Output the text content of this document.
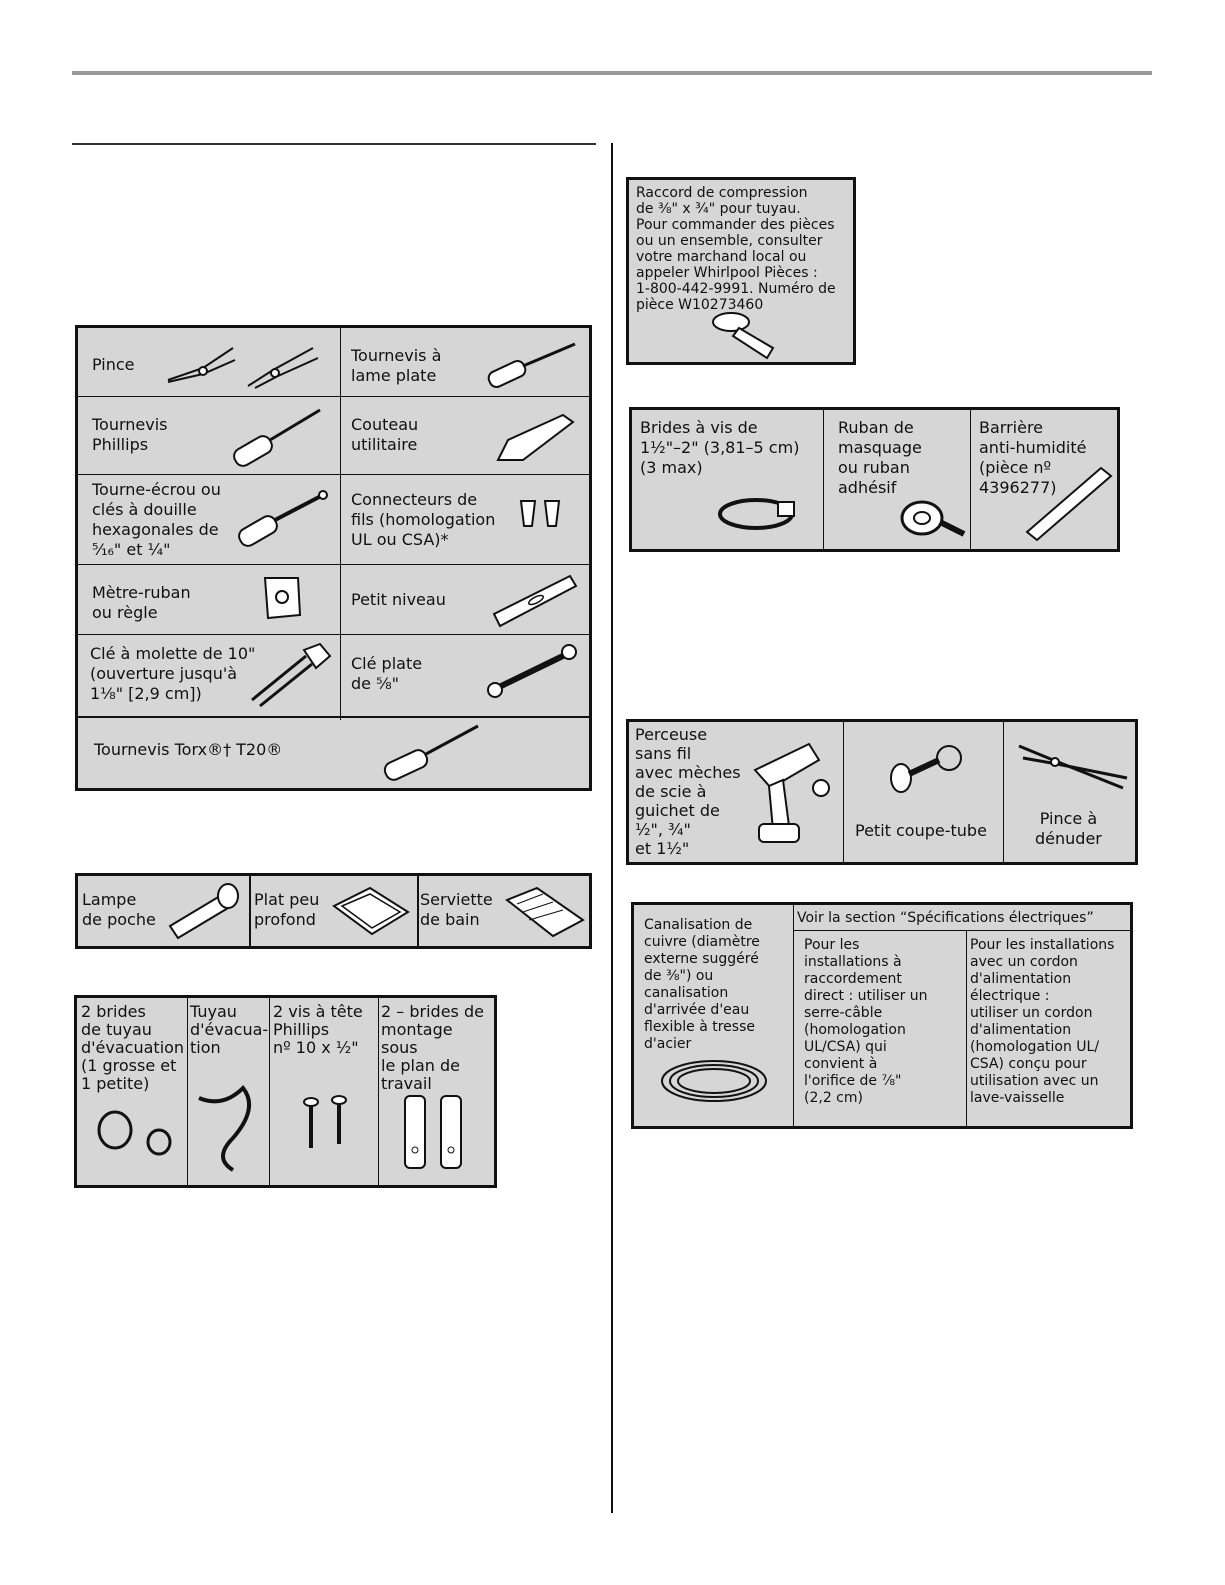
Pince	Tournevis à
lame plate
Tournevis
Phillips
Couteau
utilitaire
Tourne-écrou ou
clés à douille
hexagonales de
⁵⁄₁₆" et ¼"
Connecteurs de
fils (homologation
UL ou CSA)*
Mètre-ruban
ou règle
Petit niveau
Clé à molette de 10"
(ouverture jusqu'à
1⅛" [2,9 cm])
Clé plate
de ⅝"
Tournevis Torx®† T20®
Lampe
de poche
Plat peu
profond
Serviette
de bain
2 brides
de tuyau
d'évacuation
(1 grosse et
1 petite)
Tuyau
d'évacua-
tion
2 vis à tête
Phillips
nº 10 x ½"
2 – brides de
montage sous
le plan de
travail
Raccord de compression
de ⅜" x ¾" pour tuyau.
Pour commander des pièces
ou un ensemble, consulter
votre marchand local ou
appeler Whirlpool Pièces :
1-800-442-9991. Numéro de
pièce W10273460
Brides à vis de
1½"–2" (3,81–5 cm)
(3 max)
Ruban de
masquage
ou ruban
adhésif
Barrière
anti-humidité
(pièce nº
4396277)
Perceuse
sans fil
avec mèches
de scie à
guichet de
½", ¾"
et 1½"
Petit coupe-tube
Pince à
dénuder
Canalisation de
cuivre (diamètre
externe suggéré
de ⅜") ou
canalisation
d'arrivée d'eau
flexible à tresse
d'acier
Voir la section “Spécifications électriques”
Pour les
installations à
raccordement
direct : utiliser un
serre-câble
(homologation
UL/CSA) qui
convient à
l'orifice de ⅞"
(2,2 cm)
Pour les installations
avec un cordon
d'alimentation
électrique :
utiliser un cordon
d'alimentation
(homologation UL/
CSA) conçu pour
utilisation avec un
lave-vaisselle
